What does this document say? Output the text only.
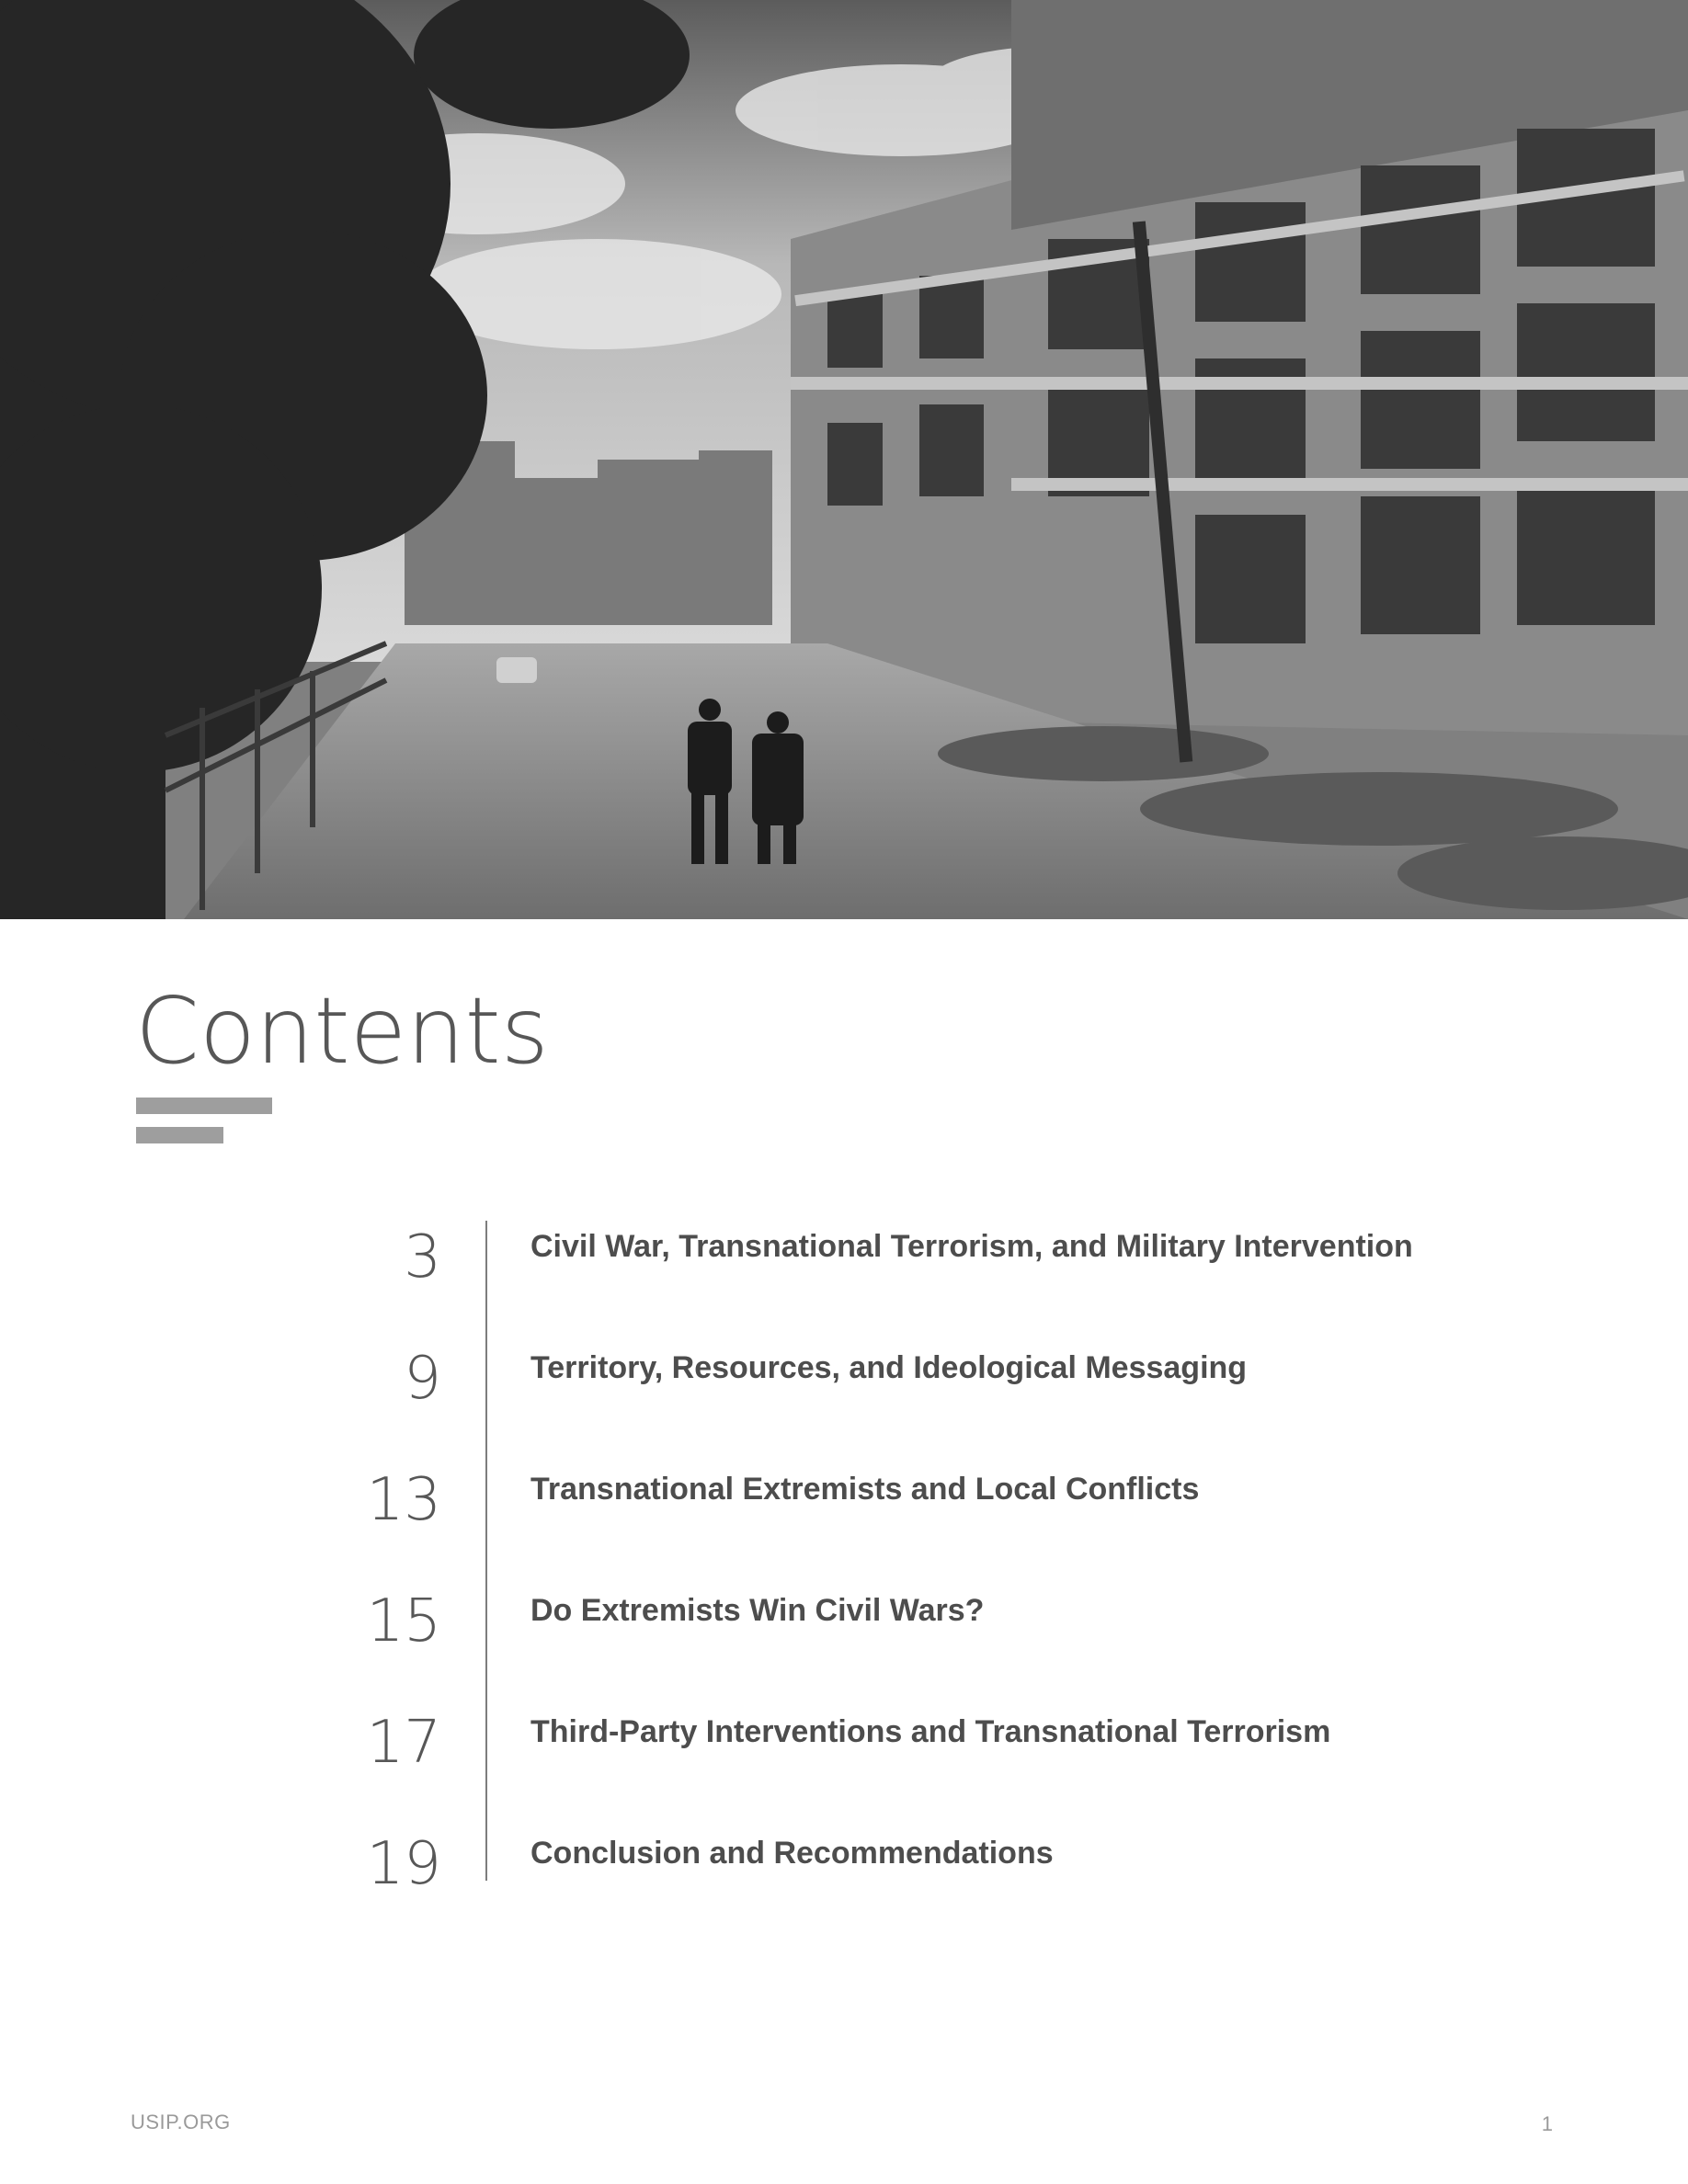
Contents
3	Civil War, Transnational Terrorism, and Military Intervention
9	Territory, Resources, and Ideological Messaging
13	Transnational Extremists and Local Conflicts
15	Do Extremists Win Civil Wars?
17	Third-Party Interventions and Transnational Terrorism
19	Conclusion and Recommendations
USIP.ORG	1
